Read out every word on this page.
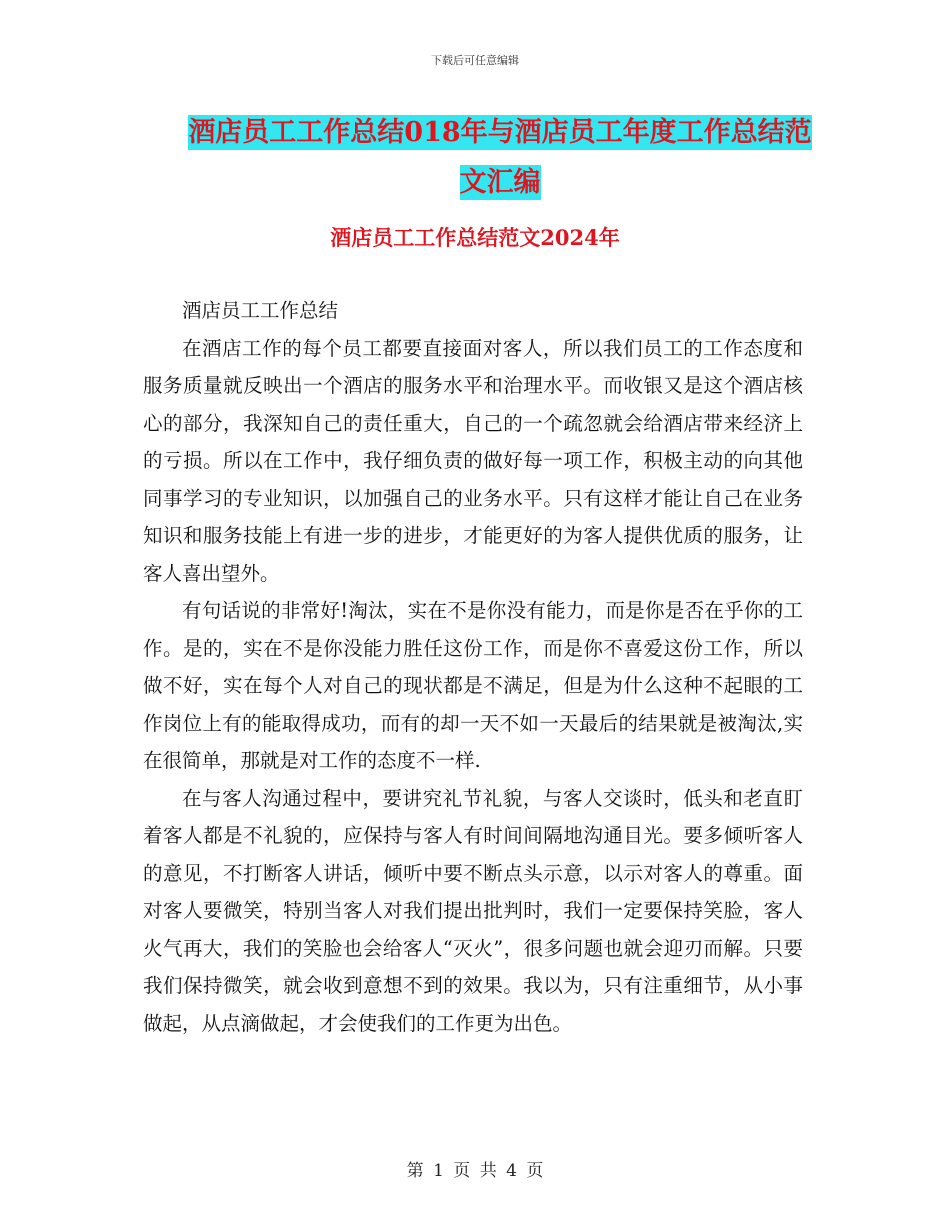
下载后可任意编辑
酒店员工工作总结018年与酒店员工年度工作总结范
文汇编
酒店员工工作总结范文2024年

酒店员工工作总结

在酒店工作的每个员工都要直接面对客人，所以我们员工的工作态度和服务质量就反映出一个酒店的服务水平和治理水平。而收银又是这个酒店核心的部分，我深知自己的责任重大，自己的一个疏忽就会给酒店带来经济上的亏损。所以在工作中，我仔细负责的做好每一项工作，积极主动的向其他同事学习的专业知识，以加强自己的业务水平。只有这样才能让自己在业务知识和服务技能上有进一步的进步，才能更好的为客人提供优质的服务，让客人喜出望外。

有句话说的非常好!淘汰，实在不是你没有能力，而是你是否在乎你的工作。是的，实在不是你没能力胜任这份工作，而是你不喜爱这份工作，所以做不好，实在每个人对自己的现状都是不满足，但是为什么这种不起眼的工作岗位上有的能取得成功，而有的却一天不如一天最后的结果就是被淘汰,实在很简单，那就是对工作的态度不一样.

在与客人沟通过程中，要讲究礼节礼貌，与客人交谈时，低头和老直盯着客人都是不礼貌的，应保持与客人有时间间隔地沟通目光。要多倾听客人的意见，不打断客人讲话，倾听中要不断点头示意，以示对客人的尊重。面对客人要微笑，特别当客人对我们提出批判时，我们一定要保持笑脸，客人火气再大，我们的笑脸也会给客人“灭火”，很多问题也就会迎刃而解。只要我们保持微笑，就会收到意想不到的效果。我以为，只有注重细节，从小事做起，从点滴做起，才会使我们的工作更为出色。

第 1 页 共 4 页
